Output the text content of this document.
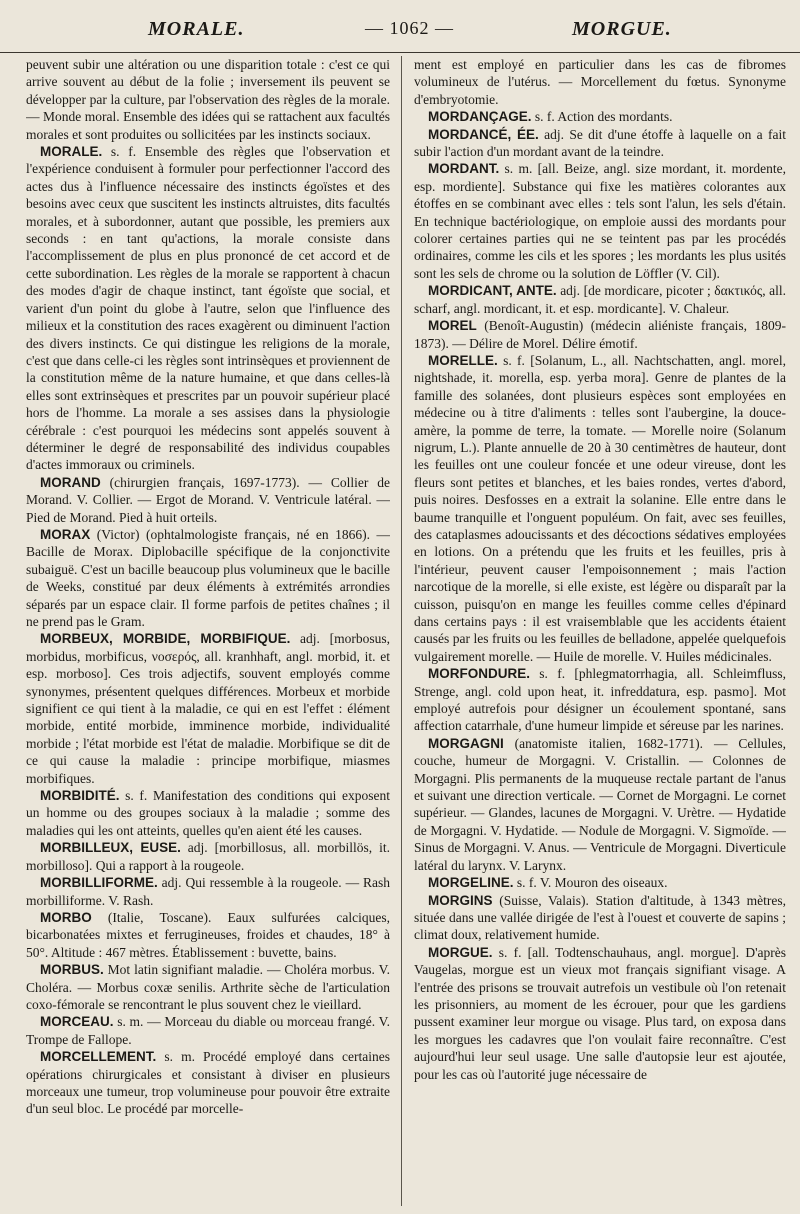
MORALE.	— 1062 —	MORGUE.

peuvent subir une altération ou une disparition totale : c'est ce qui arrive souvent au début de la folie ; inversement ils peuvent se développer par la culture, par l'observation des règles de la morale. — Monde moral. Ensemble des idées qui se rattachent aux facultés morales et sont produites ou sollicitées par les instincts sociaux.

MORALE. s. f. Ensemble des règles que l'observation et l'expérience conduisent à formuler pour perfectionner l'accord des actes dus à l'influence nécessaire des instincts égoïstes et des besoins avec ceux que suscitent les instincts altruistes, dits facultés morales, et à subordonner, autant que possible, les premiers aux seconds : en tant qu'actions, la morale consiste dans l'accomplissement de plus en plus prononcé de cet accord et de cette subordination. Les règles de la morale se rapportent à chacun des modes d'agir de chaque instinct, tant égoïste que social, et varient d'un point du globe à l'autre, selon que l'influence des milieux et la constitution des races exagèrent ou diminuent l'action des divers instincts. Ce qui distingue les religions de la morale, c'est que dans celle-ci les règles sont intrinsèques et proviennent de la constitution même de la nature humaine, et que dans celles-là elles sont extrinsèques et prescrites par un pouvoir supérieur placé hors de l'homme. La morale a ses assises dans la physiologie cérébrale : c'est pourquoi les médecins sont appelés souvent à déterminer le degré de responsabilité des individus coupables d'actes immoraux ou criminels.

MORAND (chirurgien français, 1697-1773). — Collier de Morand. V. Collier. — Ergot de Morand. V. Ventricule latéral. — Pied de Morand. Pied à huit orteils.

MORAX (Victor) (ophtalmologiste français, né en 1866). — Bacille de Morax. Diplobacille spécifique de la conjonctivite subaiguë. C'est un bacille beaucoup plus volumineux que le bacille de Weeks, constitué par deux éléments à extrémités arrondies séparés par un espace clair. Il forme parfois de petites chaînes ; il ne prend pas le Gram.

MORBEUX, MORBIDE, MORBIFIQUE. adj. [morbosus, morbidus, morbificus, νοσερός, all. kranhhaft, angl. morbid, it. et esp. morboso]. Ces trois adjectifs, souvent employés comme synonymes, présentent quelques différences. Morbeux et morbide signifient ce qui tient à la maladie, ce qui en est l'effet : élément morbide, entité morbide, imminence morbide, individualité morbide ; l'état morbide est l'état de maladie. Morbifique se dit de ce qui cause la maladie : principe morbifique, miasmes morbifiques.

MORBIDITÉ. s. f. Manifestation des conditions qui exposent un homme ou des groupes sociaux à la maladie ; somme des maladies qui les ont atteints, quelles qu'en aient été les causes.

MORBILLEUX, EUSE. adj. [morbillosus, all. morbillös, it. morbilloso]. Qui a rapport à la rougeole.

MORBILLIFORME. adj. Qui ressemble à la rougeole. — Rash morbilliforme. V. Rash.

MORBO (Italie, Toscane). Eaux sulfurées calciques, bicarbonatées mixtes et ferrugineuses, froides et chaudes, 18° à 50°. Altitude : 467 mètres. Établissement : buvette, bains.

MORBUS. Mot latin signifiant maladie. — Choléra morbus. V. Choléra. — Morbus coxæ senilis. Arthrite sèche de l'articulation coxo-fémorale se rencontrant le plus souvent chez le vieillard.

MORCEAU. s. m. — Morceau du diable ou morceau frangé. V. Trompe de Fallope.

MORCELLEMENT. s. m. Procédé employé dans certaines opérations chirurgicales et consistant à diviser en plusieurs morceaux une tumeur, trop volumineuse pour pouvoir être extraite d'un seul bloc. Le procédé par morcelle-

ment est employé en particulier dans les cas de fibromes volumineux de l'utérus. — Morcellement du fœtus. Synonyme d'embryotomie.

MORDANÇAGE. s. f. Action des mordants.

MORDANCÉ, ÉE. adj. Se dit d'une étoffe à laquelle on a fait subir l'action d'un mordant avant de la teindre.

MORDANT. s. m. [all. Beize, angl. size mordant, it. mordente, esp. mordiente]. Substance qui fixe les matières colorantes aux étoffes en se combinant avec elles : tels sont l'alun, les sels d'étain. En technique bactériologique, on emploie aussi des mordants pour colorer certaines parties qui ne se teintent pas par les procédés ordinaires, comme les cils et les spores ; les mordants les plus usités sont les sels de chrome ou la solution de Löffler (V. Cil).

MORDICANT, ANTE. adj. [de mordicare, picoter ; δακτικός, all. scharf, angl. mordicant, it. et esp. mordicante]. V. Chaleur.

MOREL (Benoît-Augustin) (médecin aliéniste français, 1809-1873). — Délire de Morel. Délire émotif.

MORELLE. s. f. [Solanum, L., all. Nachtschatten, angl. morel, nightshade, it. morella, esp. yerba mora]. Genre de plantes de la famille des solanées, dont plusieurs espèces sont employées en médecine ou à titre d'aliments : telles sont l'aubergine, la douce-amère, la pomme de terre, la tomate. — Morelle noire (Solanum nigrum, L.). Plante annuelle de 20 à 30 centimètres de hauteur, dont les feuilles ont une couleur foncée et une odeur vireuse, dont les fleurs sont petites et blanches, et les baies rondes, vertes d'abord, puis noires. Desfosses en a extrait la solanine. Elle entre dans le baume tranquille et l'onguent populéum. On fait, avec ses feuilles, des cataplasmes adoucissants et des décoctions sédatives employées en lotions. On a prétendu que les fruits et les feuilles, pris à l'intérieur, peuvent causer l'empoisonnement ; mais l'action narcotique de la morelle, si elle existe, est légère ou disparaît par la cuisson, puisqu'on en mange les feuilles comme celles d'épinard dans certains pays : il est vraisemblable que les accidents étaient causés par les fruits ou les feuilles de belladone, appelée quelquefois vulgairement morelle. — Huile de morelle. V. Huiles médicinales.

MORFONDURE. s. f. [phlegmatorrhagia, all. Schleimfluss, Strenge, angl. cold upon heat, it. infreddatura, esp. pasmo]. Mot employé autrefois pour désigner un écoulement spontané, sans affection catarrhale, d'une humeur limpide et séreuse par les narines.

MORGAGNI (anatomiste italien, 1682-1771). — Cellules, couche, humeur de Morgagni. V. Cristallin. — Colonnes de Morgagni. Plis permanents de la muqueuse rectale partant de l'anus et suivant une direction verticale. — Cornet de Morgagni. Le cornet supérieur. — Glandes, lacunes de Morgagni. V. Urètre. — Hydatide de Morgagni. V. Hydatide. — Nodule de Morgagni. V. Sigmoïde. — Sinus de Morgagni. V. Anus. — Ventricule de Morgagni. Diverticule latéral du larynx. V. Larynx.

MORGELINE. s. f. V. Mouron des oiseaux.

MORGINS (Suisse, Valais). Station d'altitude, à 1343 mètres, située dans une vallée dirigée de l'est à l'ouest et couverte de sapins ; climat doux, relativement humide.

MORGUE. s. f. [all. Todtenschauhaus, angl. morgue]. D'après Vaugelas, morgue est un vieux mot français signifiant visage. A l'entrée des prisons se trouvait autrefois un vestibule où l'on retenait les prisonniers, au moment de les écrouer, pour que les gardiens pussent examiner leur morgue ou visage. Plus tard, on exposa dans les morgues les cadavres que l'on voulait faire reconnaître. C'est aujourd'hui leur seul usage. Une salle d'autopsie leur est ajoutée, pour les cas où l'autorité juge nécessaire de
